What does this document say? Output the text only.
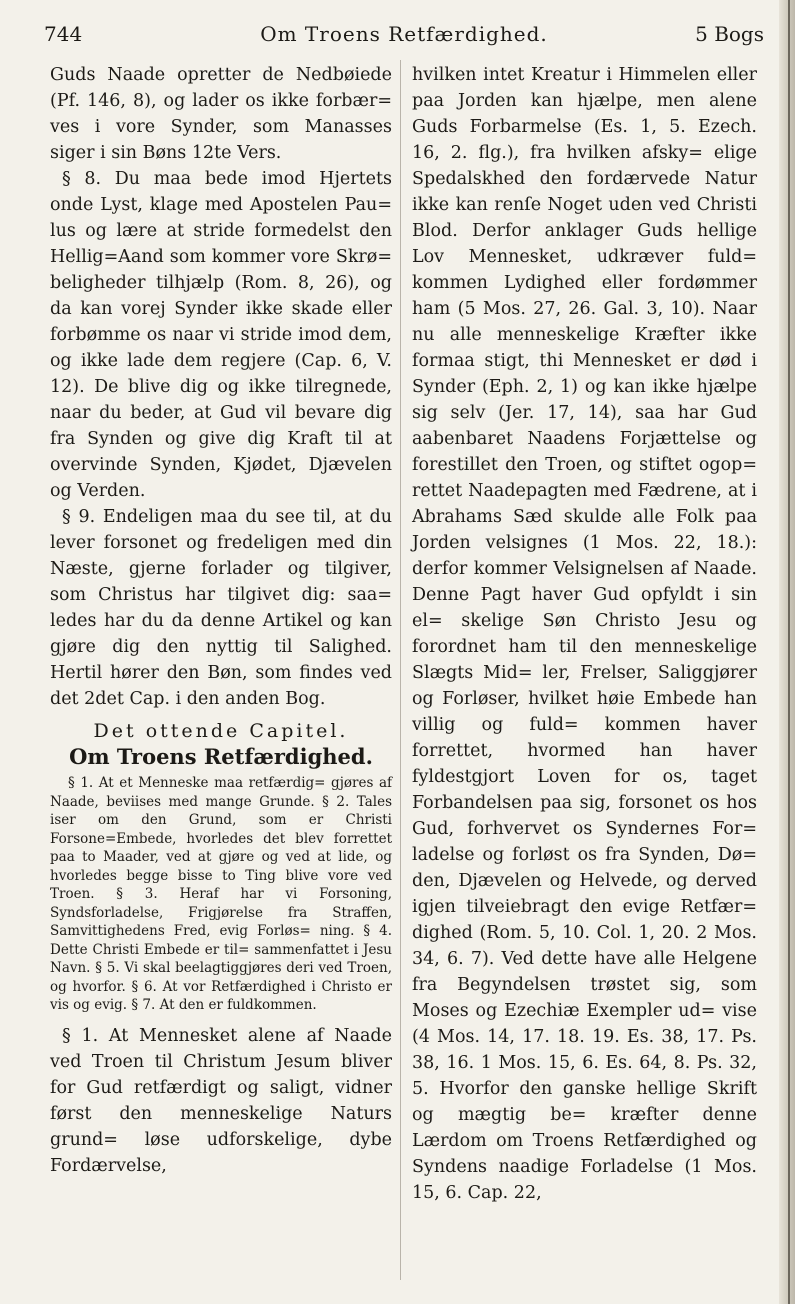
744	Om Troens Retfærdighed.	5 Bogs

Guds Naade opretter de Nedbøiede (Pf. 146, 8), og lader os ikke forbær= ves i vore Synder, som Manasses siger i sin Bøns 12te Vers.

§ 8. Du maa bede imod Hjertets onde Lyst, klage med Apostelen Pau= lus og lære at stride formedelst den Hellig=Aand som kommer vore Skrø= beligheder tilhjælp (Rom. 8, 26), og da kan vorej Synder ikke skade eller forbømme os naar vi stride imod dem, og ikke lade dem regjere (Cap. 6, V. 12). De blive dig og ikke tilregnede, naar du beder, at Gud vil bevare dig fra Synden og give dig Kraft til at overvinde Synden, Kjødet, Djævelen og Verden.

§ 9. Endeligen maa du see til, at du lever forsonet og fredeligen med din Næste, gjerne forlader og tilgiver, som Christus har tilgivet dig: saa= ledes har du da denne Artikel og kan gjøre dig den nyttig til Salighed. Hertil hører den Bøn, som findes ved det 2det Cap. i den anden Bog.

Det ottende Capitel.
Om Troens Retfærdighed.

§ 1. At et Menneske maa retfærdig= gjøres af Naade, beviises med mange Grunde. § 2. Tales iser om den Grund, som er Christi Forsone=Embede, hvorledes det blev forrettet paa to Maader, ved at gjøre og ved at lide, og hvorledes begge bisse to Ting blive vore ved Troen. § 3. Heraf har vi Forsoning, Syndsforladelse, Frigjørelse fra Straffen, Samvittighedens Fred, evig Forløs= ning. § 4. Dette Christi Embede er til= sammenfattet i Jesu Navn. § 5. Vi skal beelagtiggjøres deri ved Troen, og hvorfor. § 6. At vor Retfærdighed i Christo er vis og evig. § 7. At den er fuldkommen.

§ 1. At Mennesket alene af Naade ved Troen til Christum Jesum bliver for Gud retfærdigt og saligt, vidner først den menneskelige Naturs grund= løse udforskelige, dybe Fordærvelse,

hvilken intet Kreatur i Himmelen eller paa Jorden kan hjælpe, men alene Guds Forbarmelse (Es. 1, 5. Ezech. 16, 2. flg.), fra hvilken afsky= elige Spedalskhed den fordærvede Natur ikke kan renſe Noget uden ved Christi Blod. Derfor anklager Guds hellige Lov Mennesket, udkræver fuld= kommen Lydighed eller fordømmer ham (5 Mos. 27, 26. Gal. 3, 10). Naar nu alle menneskelige Kræfter ikke formaa stigt, thi Mennesket er død i Synder (Eph. 2, 1) og kan ikke hjælpe sig selv (Jer. 17, 14), saa har Gud aabenbaret Naadens Forjættelse og forestillet den Troen, og stiftet ogop= rettet Naadepagten med Fædrene, at i Abrahams Sæd skulde alle Folk paa Jorden velsignes (1 Mos. 22, 18.): derfor kommer Velsignelsen af Naade. Denne Pagt haver Gud opfyldt i sin el= skelige Søn Christo Jesu og forordnet ham til den menneskelige Slægts Mid= ler, Frelser, Saliggjører og Forløser, hvilket høie Embede han villig og fuld= kommen haver forrettet, hvormed han haver fyldestgjort Loven for os, taget Forbandelsen paa sig, forsonet os hos Gud, forhvervet os Syndernes For= ladelse og forløst os fra Synden, Dø= den, Djævelen og Helvede, og derved igjen tilveiebragt den evige Retfær= dighed (Rom. 5, 10. Col. 1, 20. 2 Mos. 34, 6. 7). Ved dette have alle Helgene fra Begyndelsen trøstet sig, som Moses og Ezechiæ Exempler ud= vise (4 Mos. 14, 17. 18. 19. Es. 38, 17. Ps. 38, 16. 1 Mos. 15, 6. Es. 64, 8. Ps. 32, 5. Hvorfor den ganske hellige Skrift og mægtig be= kræfter denne Lærdom om Troens Retfærdighed og Syndens naadige Forladelse (1 Mos. 15, 6. Cap. 22,
